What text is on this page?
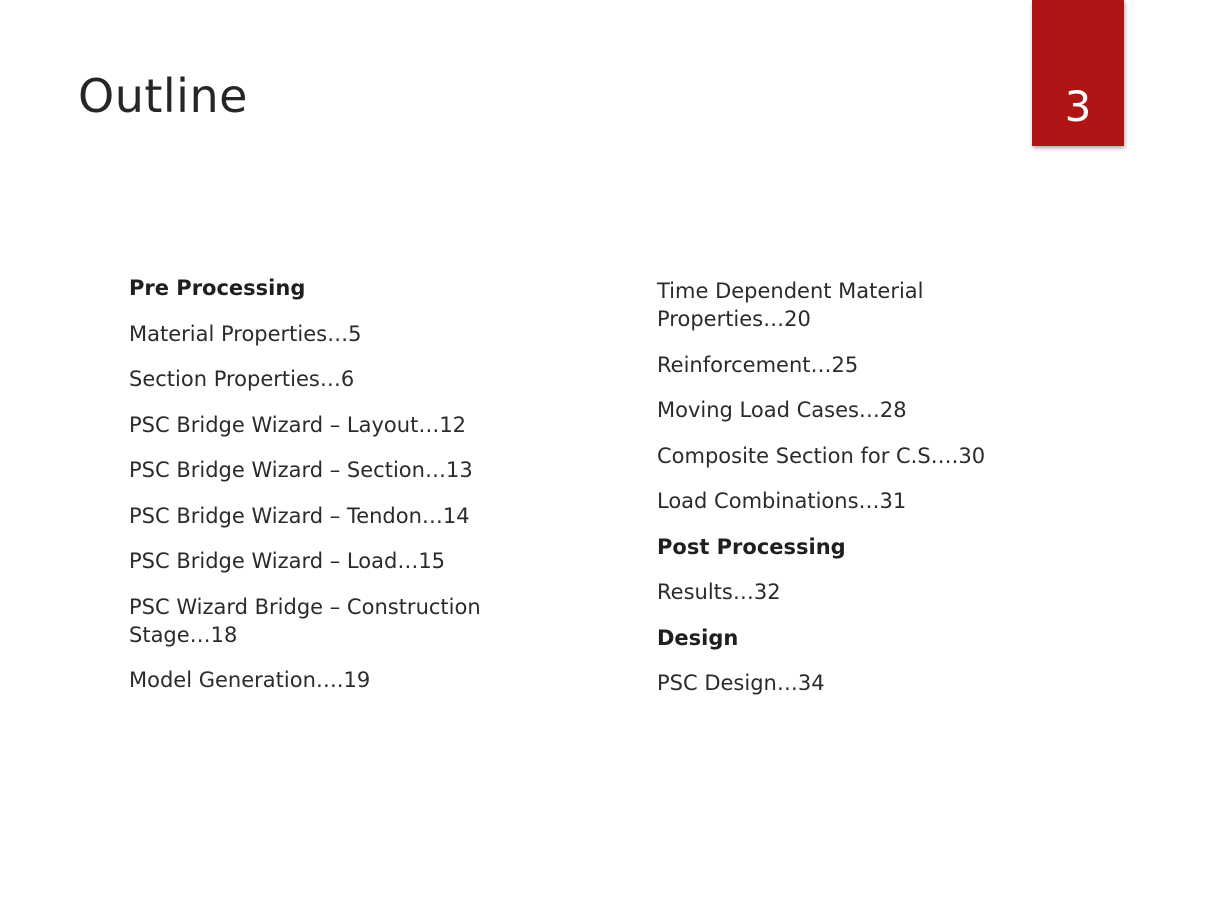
Outline	3
Pre Processing
Material Properties…5
Section Properties…6
PSC Bridge Wizard – Layout…12
PSC Bridge Wizard – Section…13
PSC Bridge Wizard – Tendon…14
PSC Bridge Wizard – Load…15
PSC Wizard Bridge – Construction Stage…18
Model Generation….19
Time Dependent Material Properties…20
Reinforcement…25
Moving Load Cases…28
Composite Section for C.S….30
Load Combinations…31
Post Processing
Results…32
Design
PSC Design…34
